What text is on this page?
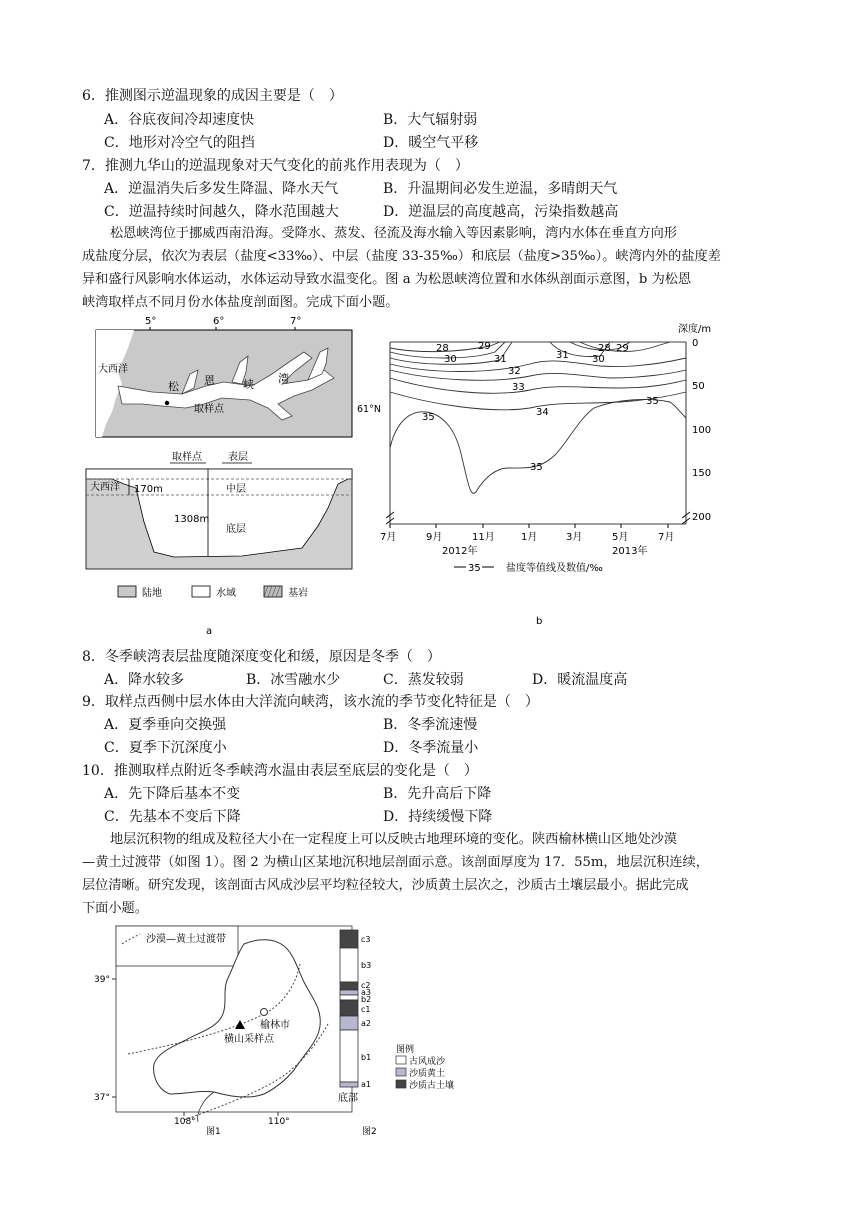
6．推测图示逆温现象的成因主要是（　）
A．谷底夜间冷却速度快	B．大气辐射弱
C．地形对冷空气的阻挡	D．暖空气平移
7．推测九华山的逆温现象对天气变化的前兆作用表现为（　）
A．逆温消失后多发生降温、降水天气	B．升温期间必发生逆温，多晴朗天气
C．逆温持续时间越久，降水范围越大	D．逆温层的高度越高，污染指数越高
松恩峡湾位于挪威西南沿海。受降水、蒸发、径流及海水输入等因素影响，湾内水体在垂直方向形
成盐度分层，依次为表层（盐度<33‰）、中层（盐度 33-35‰）和底层（盐度>35‰）。峡湾内外的盐度差
异和盛行风影响水体运动，水体运动导致水温变化。图 a 为松恩峡湾位置和水体纵剖面示意图，b 为松恩
峡湾取样点不同月份水体盐度剖面图。完成下面小题。
5°	6°	7°
大西洋
松 恩	峡 湾
取样点	61°N
取样点	表层
大西洋 170m	中层
1308m
底层
陆地	水域	基岩
a
深度/m
0
50
100
150
200
7月	9月	11月	1月	3月	5月	7月
2012年	2013年
28	29
30	31	31
28 29
30
32
33
34
35
35
35
35	盐度等值线及数值/‰
b
8．冬季峡湾表层盐度随深度变化和缓，原因是冬季（　）
A．降水较多	B．冰雪融水少	C．蒸发较弱	D．暖流温度高
9．取样点西侧中层水体由大洋流向峡湾，该水流的季节变化特征是（　）
A．夏季垂向交换强	B．冬季流速慢
C．夏季下沉深度小	D．冬季流量小
10．推测取样点附近冬季峡湾水温由表层至底层的变化是（　）
A．先下降后基本不变	B．先升高后下降
C．先基本不变后下降	D．持续缓慢下降
地层沉积物的组成及粒径大小在一定程度上可以反映古地理环境的变化。陕西榆林横山区地处沙漠
—黄土过渡带（如图 1）。图 2 为横山区某地沉积地层剖面示意。该剖面厚度为 17．55m，地层沉积连续，
层位清晰。研究发现，该剖面古风成沙层平均粒径较大，沙质黄土层次之，沙质古土壤层最小。据此完成
下面小题。
沙漠—黄土过渡带
榆林市
横山采样点
39°
37°
108°	110°
图1
c3
b3
c2
a3
b2
c1
a2
b1
a1
底部
图例
古风成沙
沙质黄土
沙质古土壤
图2
